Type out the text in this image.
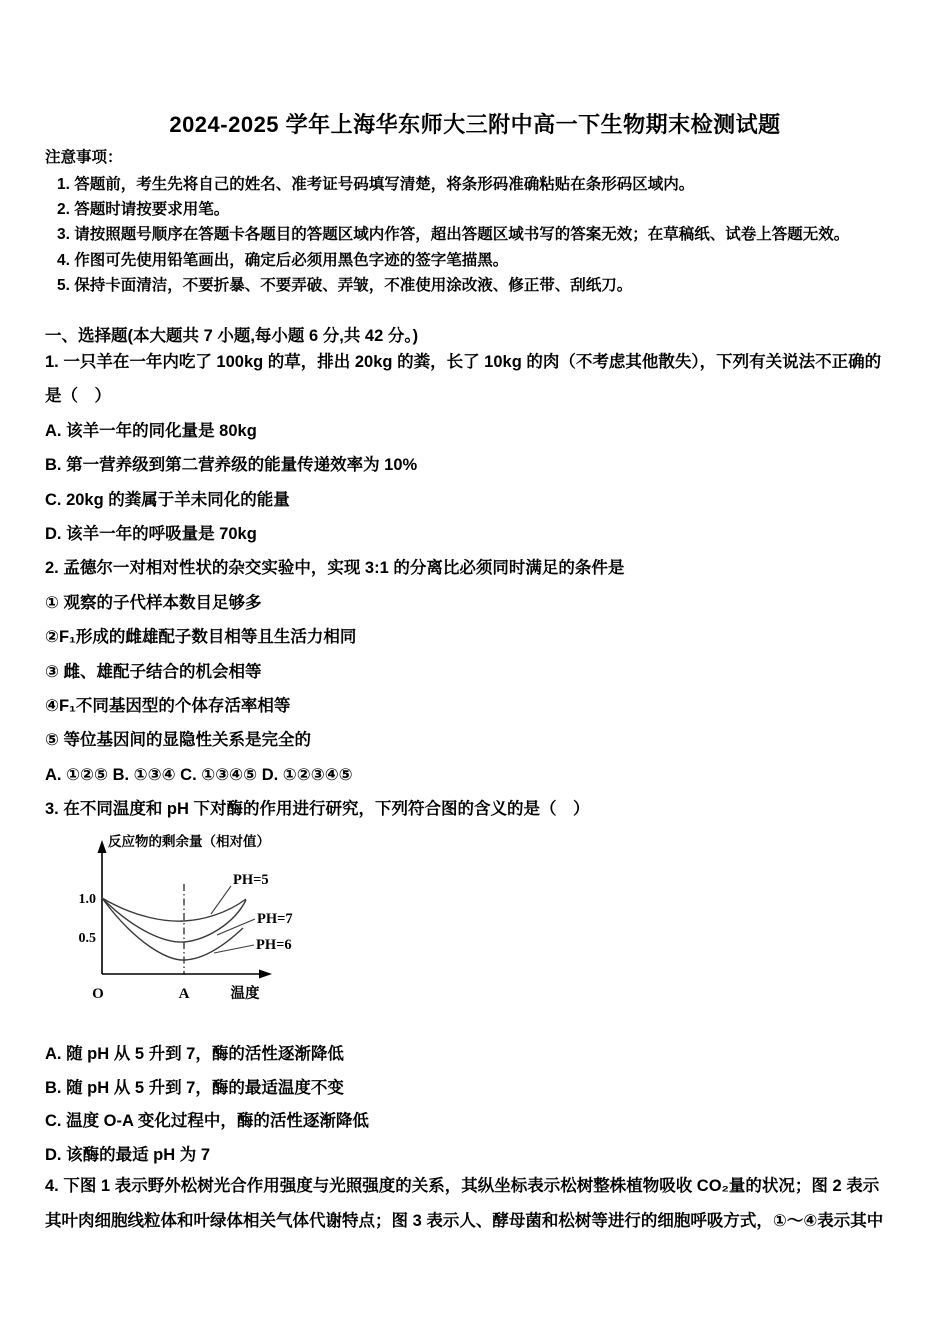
2024-2025 学年上海华东师大三附中高一下生物期末检测试题
注意事项：
1. 答题前，考生先将自己的姓名、准考证号码填写清楚，将条形码准确粘贴在条形码区域内。
2. 答题时请按要求用笔。
3. 请按照题号顺序在答题卡各题目的答题区域内作答，超出答题区域书写的答案无效；在草稿纸、试卷上答题无效。
4. 作图可先使用铅笔画出，确定后必须用黑色字迹的签字笔描黑。
5. 保持卡面清洁，不要折暴、不要弄破、弄皱，不准使用涂改液、修正带、刮纸刀。
一、选择题(本大题共 7 小题,每小题 6 分,共 42 分。)
1. 一只羊在一年内吃了 100kg 的草，排出 20kg 的粪，长了 10kg 的肉（不考虑其他散失），下列有关说法不正确的
是（　）
A. 该羊一年的同化量是 80kg
B. 第一营养级到第二营养级的能量传递效率为 10%
C. 20kg 的粪属于羊未同化的能量
D. 该羊一年的呼吸量是 70kg
2. 孟德尔一对相对性状的杂交实验中，实现 3:1 的分离比必须同时满足的条件是
① 观察的子代样本数目足够多
②F₁形成的雌雄配子数目相等且生活力相同
③ 雌、雄配子结合的机会相等
④F₁不同基因型的个体存活率相等
⑤ 等位基因间的显隐性关系是完全的
A. ①②⑤ B. ①③④ C. ①③④⑤ D. ①②③④⑤
3. 在不同温度和 pH 下对酶的作用进行研究，下列符合图的含义的是（　）
反应物的剩余量（相对值）
1.0
0.5
PH=5
PH=7
PH=6
O	A	温度
A. 随 pH 从 5 升到 7，酶的活性逐渐降低
B. 随 pH 从 5 升到 7，酶的最适温度不变
C. 温度 O-A 变化过程中，酶的活性逐渐降低
D. 该酶的最适 pH 为 7
4. 下图 1 表示野外松树光合作用强度与光照强度的关系，其纵坐标表示松树整株植物吸收 CO₂量的状况；图 2 表示
其叶肉细胞线粒体和叶绿体相关气体代谢特点；图 3 表示人、酵母菌和松树等进行的细胞呼吸方式，①～④表示其中
